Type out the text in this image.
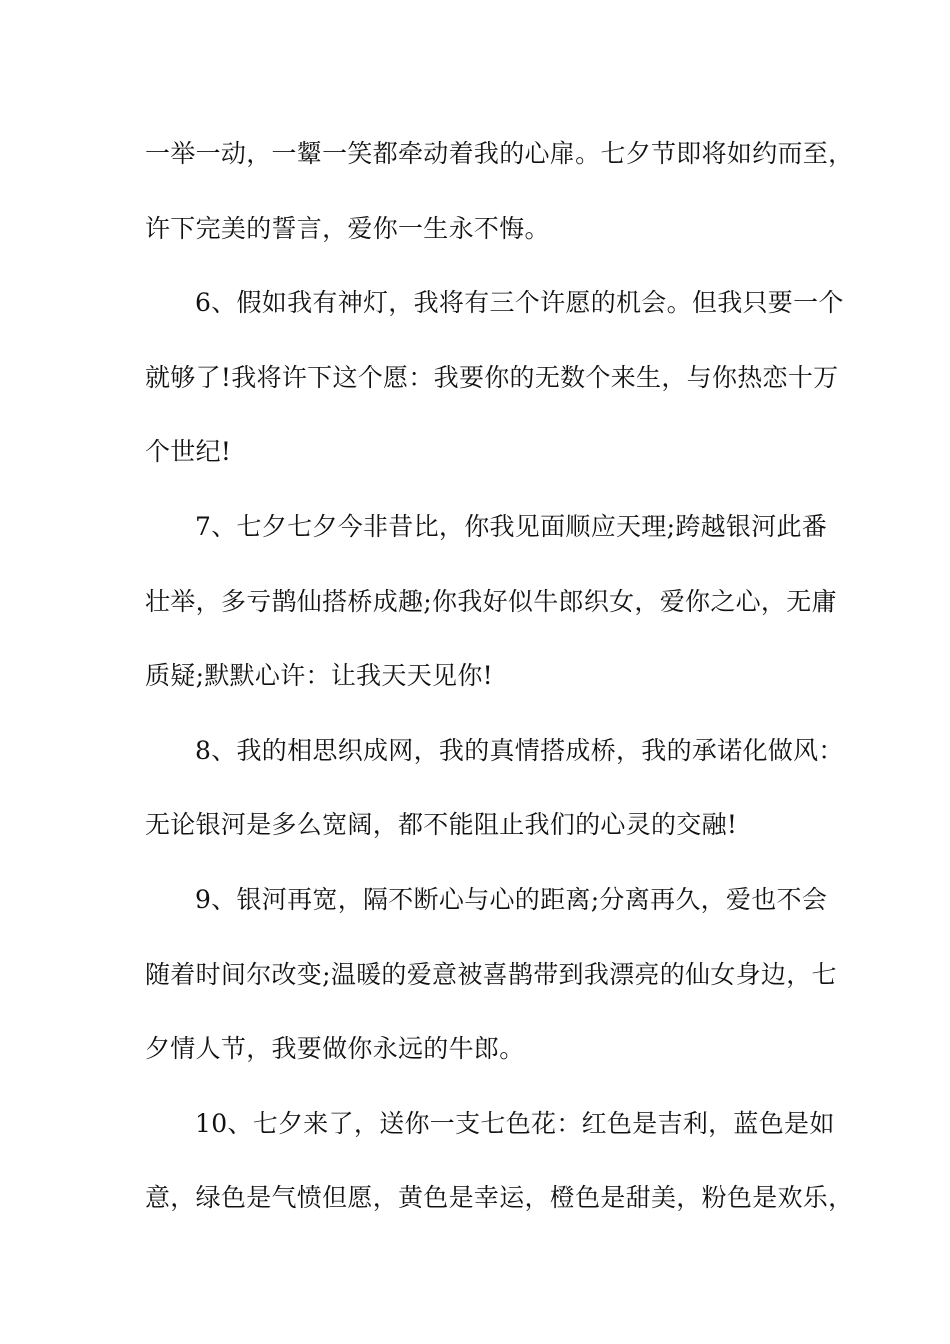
一举一动，一颦一笑都牵动着我的心扉。七夕节即将如约而至，
许下完美的誓言，爱你一生永不悔。
6、假如我有神灯，我将有三个许愿的机会。但我只要一个
就够了!我将许下这个愿：我要你的无数个来生，与你热恋十万
个世纪!
7、七夕七夕今非昔比，你我见面顺应天理;跨越银河此番
壮举，多亏鹊仙搭桥成趣;你我好似牛郎织女，爱你之心，无庸
质疑;默默心许：让我天天见你!
8、我的相思织成网，我的真情搭成桥，我的承诺化做风：
无论银河是多么宽阔，都不能阻止我们的心灵的交融!
9、银河再宽，隔不断心与心的距离;分离再久，爱也不会
随着时间尔改变;温暖的爱意被喜鹊带到我漂亮的仙女身边，七
夕情人节，我要做你永远的牛郎。
10、七夕来了，送你一支七色花：红色是吉利，蓝色是如
意，绿色是气愤但愿，黄色是幸运，橙色是甜美，粉色是欢乐，
